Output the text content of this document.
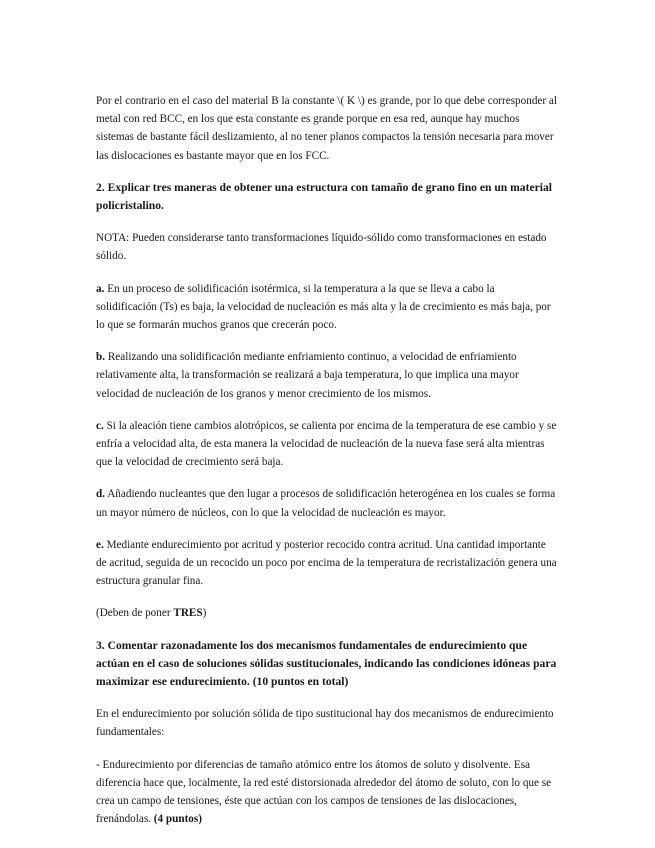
Por el contrario en el caso del material B la constante \( K \) es grande, por lo que debe corresponder al metal con red BCC, en los que esta constante es grande porque en esa red, aunque hay muchos sistemas de bastante fácil deslizamiento, al no tener planos compactos la tensión necesaria para mover las dislocaciones es bastante mayor que en los FCC.

2. Explicar tres maneras de obtener una estructura con tamaño de grano fino en un material policristalino.

NOTA: Pueden considerarse tanto transformaciones líquido-sólido como transformaciones en estado sólido.

a. En un proceso de solidificación isotérmica, si la temperatura a la que se lleva a cabo la solidificación (Ts) es baja, la velocidad de nucleación es más alta y la de crecimiento es más baja, por lo que se formarán muchos granos que crecerán poco.

b. Realizando una solidificación mediante enfriamiento continuo, a velocidad de enfriamiento relativamente alta, la transformación se realizará a baja temperatura, lo que implica una mayor velocidad de nucleación de los granos y menor crecimiento de los mismos.

c. Si la aleación tiene cambios alotrópicos, se calienta por encima de la temperatura de ese cambio y se enfría a velocidad alta, de esta manera la velocidad de nucleación de la nueva fase será alta mientras que la velocidad de crecimiento será baja.

d. Añadiendo nucleantes que den lugar a procesos de solidificación heterogénea en los cuales se forma un mayor número de núcleos, con lo que la velocidad de nucleación es mayor.

e. Mediante endurecimiento por acritud y posterior recocido contra acritud. Una cantidad importante de acritud, seguida de un recocido un poco por encima de la temperatura de recristalización genera una estructura granular fina.

(Deben de poner TRES)

3. Comentar razonadamente los dos mecanismos fundamentales de endurecimiento que actúan en el caso de soluciones sólidas sustitucionales, indicando las condiciones idóneas para maximizar ese endurecimiento. (10 puntos en total)

En el endurecimiento por solución sólida de tipo sustitucional hay dos mecanismos de endurecimiento fundamentales:

- Endurecimiento por diferencias de tamaño atómico entre los átomos de soluto y disolvente. Esa diferencia hace que, localmente, la red esté distorsionada alrededor del átomo de soluto, con lo que se crea un campo de tensiones, éste que actúan con los campos de tensiones de las dislocaciones, frenándolas. (4 puntos)
